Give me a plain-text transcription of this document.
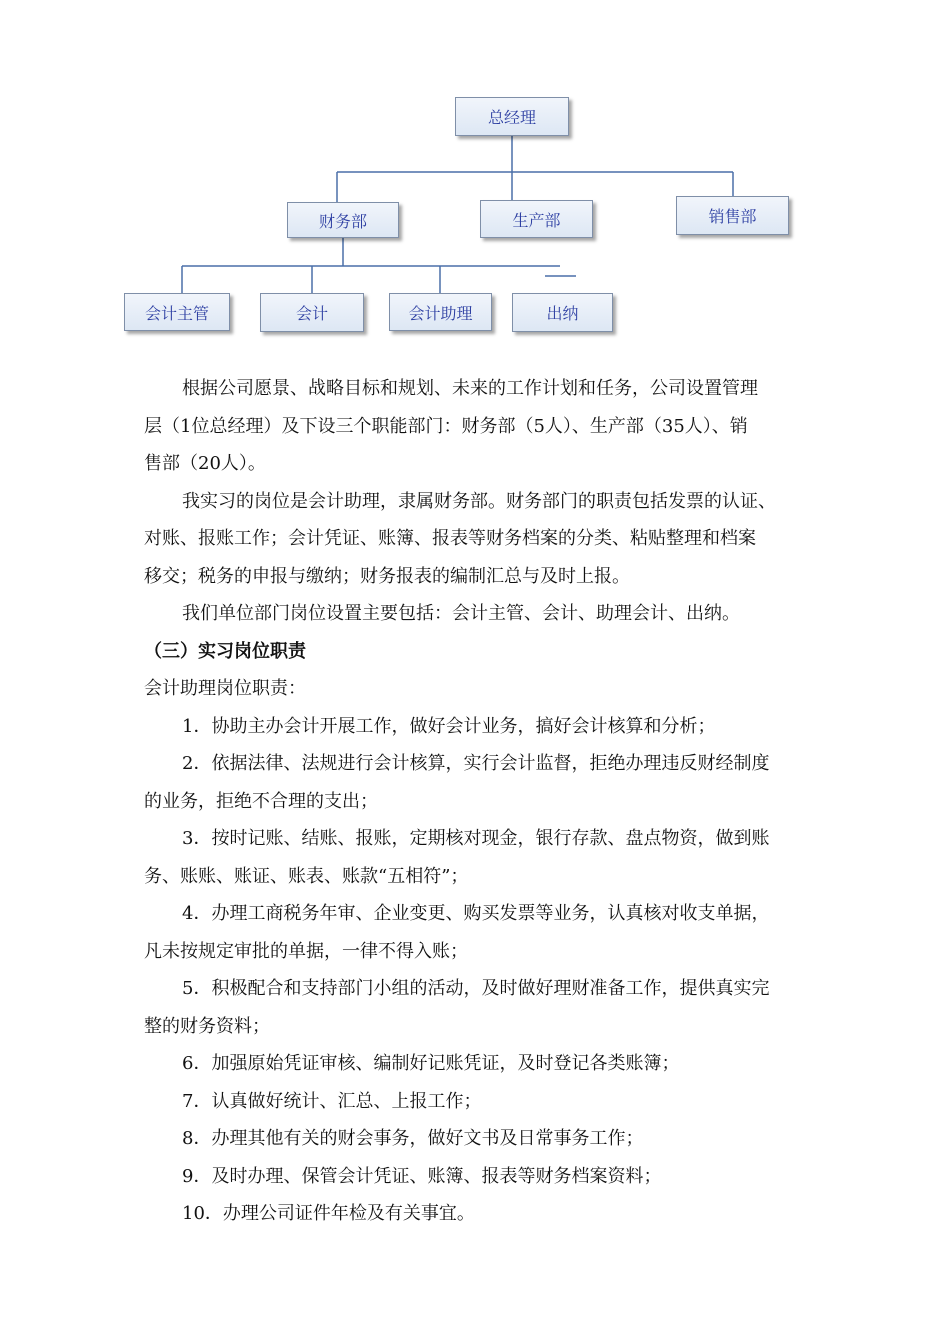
总经理
财务部	生产部	销售部
会计主管	会计	会计助理	出纳
根据公司愿景、战略目标和规划、未来的工作计划和任务，公司设置管理
层（1位总经理）及下设三个职能部门：财务部（5人）、生产部（35人）、销
售部（20人）。
我实习的岗位是会计助理，隶属财务部。财务部门的职责包括发票的认证、
对账、报账工作；会计凭证、账簿、报表等财务档案的分类、粘贴整理和档案
移交；税务的申报与缴纳；财务报表的编制汇总与及时上报。
我们单位部门岗位设置主要包括：会计主管、会计、助理会计、出纳。
（三）实习岗位职责
会计助理岗位职责：
1．协助主办会计开展工作，做好会计业务，搞好会计核算和分析；
2．依据法律、法规进行会计核算，实行会计监督，拒绝办理违反财经制度
的业务，拒绝不合理的支出；
3．按时记账、结账、报账，定期核对现金，银行存款、盘点物资，做到账
务、账账、账证、账表、账款“五相符”；
4．办理工商税务年审、企业变更、购买发票等业务，认真核对收支单据，
凡未按规定审批的单据，一律不得入账；
5．积极配合和支持部门小组的活动，及时做好理财准备工作，提供真实完
整的财务资料；
6．加强原始凭证审核、编制好记账凭证，及时登记各类账簿；
7．认真做好统计、汇总、上报工作；
8．办理其他有关的财会事务，做好文书及日常事务工作；
9．及时办理、保管会计凭证、账簿、报表等财务档案资料；
10．办理公司证件年检及有关事宜。
